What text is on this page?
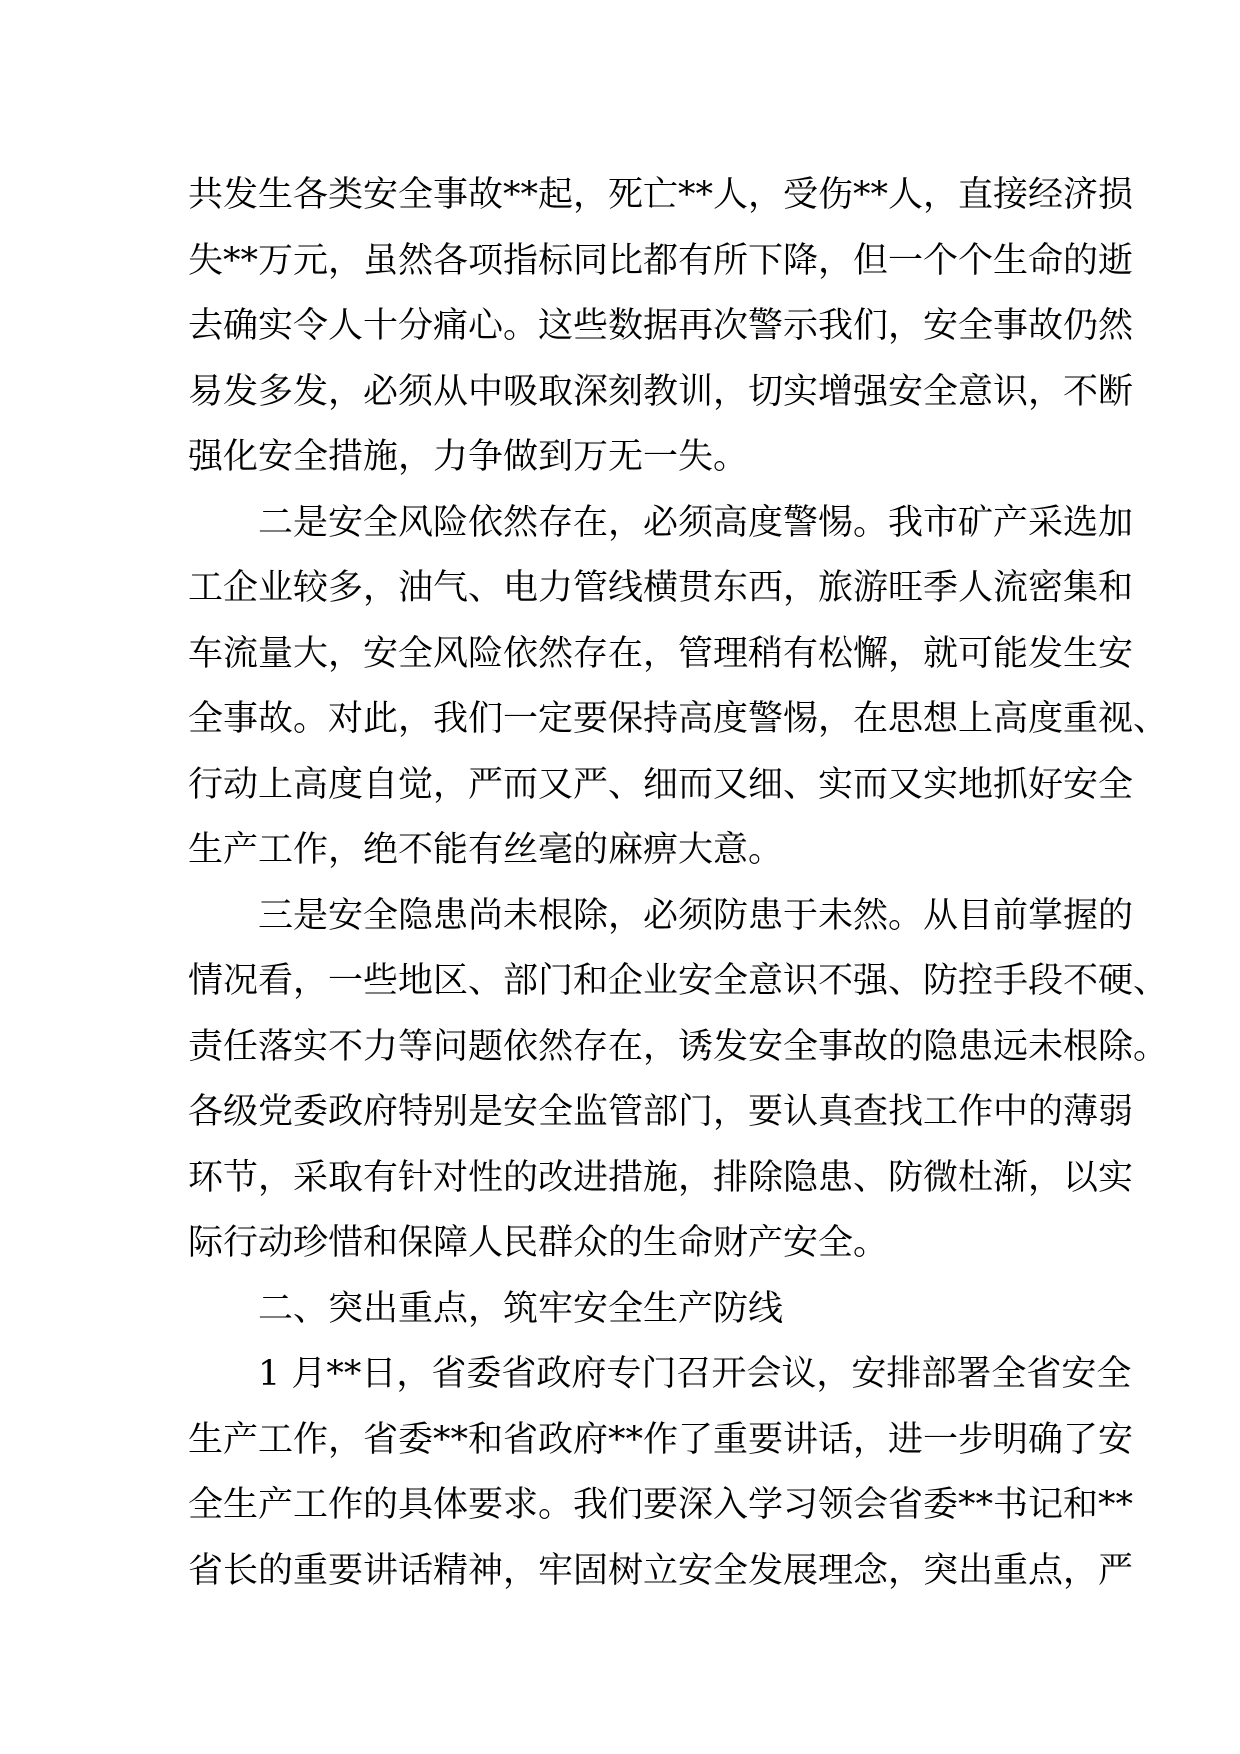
共发生各类安全事故**起，死亡**人，受伤**人，直接经济损
失**万元，虽然各项指标同比都有所下降，但一个个生命的逝
去确实令人十分痛心。这些数据再次警示我们，安全事故仍然
易发多发，必须从中吸取深刻教训，切实增强安全意识，不断
强化安全措施，力争做到万无一失。
二是安全风险依然存在，必须高度警惕。我市矿产采选加
工企业较多，油气、电力管线横贯东西，旅游旺季人流密集和
车流量大，安全风险依然存在，管理稍有松懈，就可能发生安
全事故。对此，我们一定要保持高度警惕，在思想上高度重视、
行动上高度自觉，严而又严、细而又细、实而又实地抓好安全
生产工作，绝不能有丝毫的麻痹大意。
三是安全隐患尚未根除，必须防患于未然。从目前掌握的
情况看，一些地区、部门和企业安全意识不强、防控手段不硬、
责任落实不力等问题依然存在，诱发安全事故的隐患远未根除。
各级党委政府特别是安全监管部门，要认真查找工作中的薄弱
环节，采取有针对性的改进措施，排除隐患、防微杜渐，以实
际行动珍惜和保障人民群众的生命财产安全。
二、突出重点，筑牢安全生产防线
1 月**日，省委省政府专门召开会议，安排部署全省安全
生产工作，省委**和省政府**作了重要讲话，进一步明确了安
全生产工作的具体要求。我们要深入学习领会省委**书记和**
省长的重要讲话精神，牢固树立安全发展理念，突出重点，严
